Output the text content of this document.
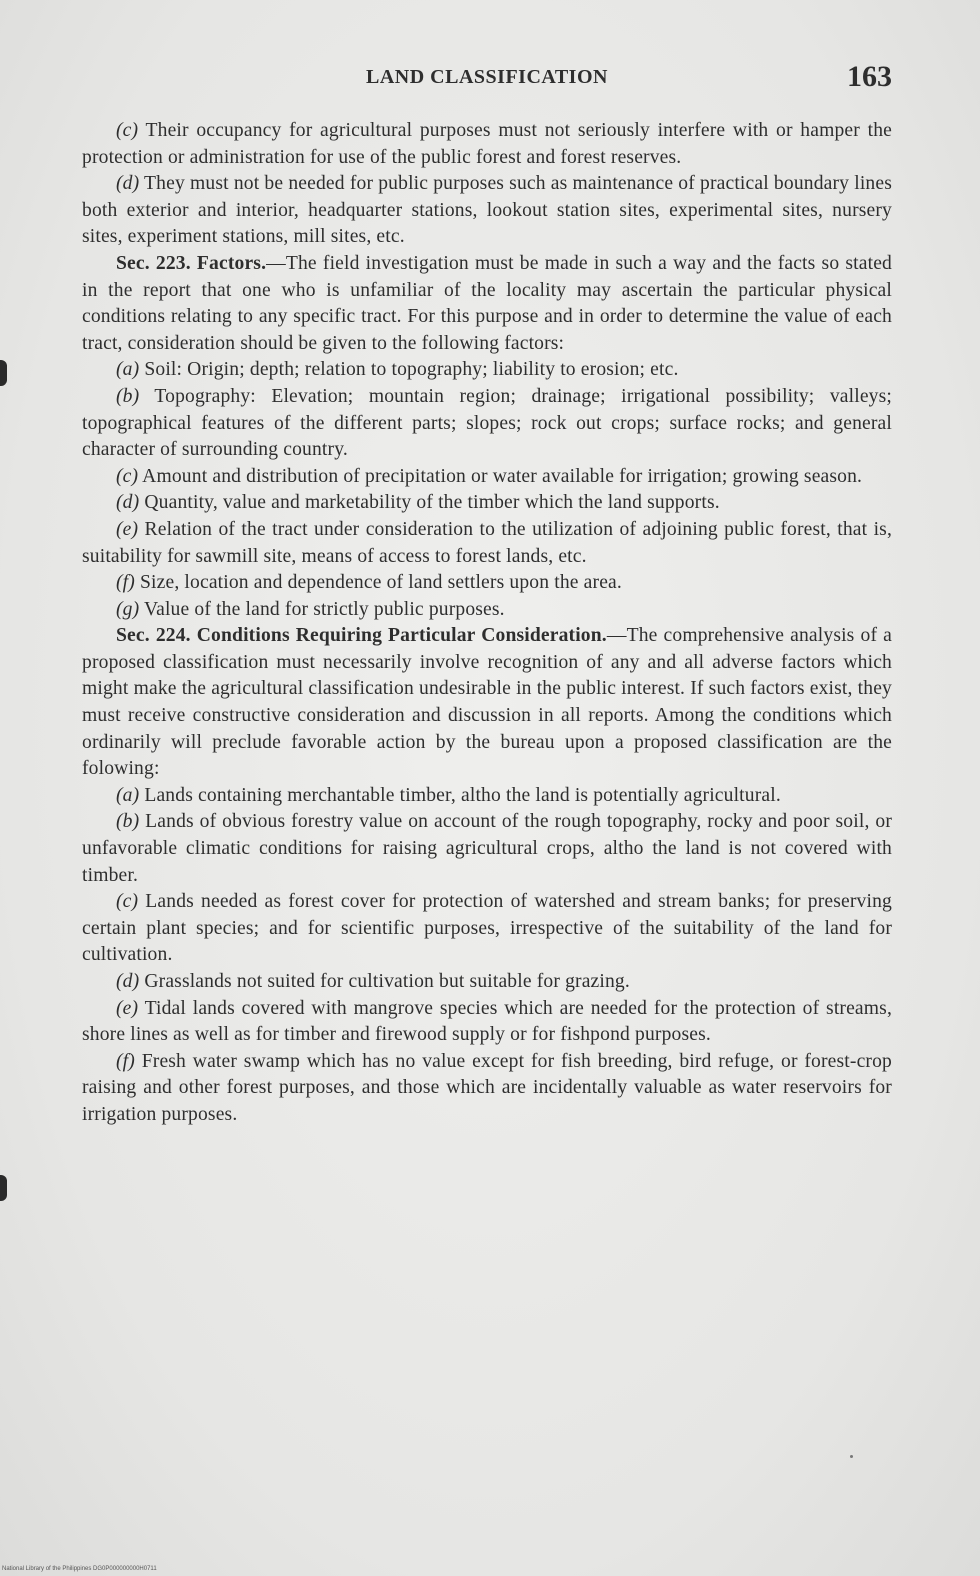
LAND CLASSIFICATION	163

(c) Their occupancy for agricultural purposes must not seriously interfere with or hamper the protection or administration for use of the public forest and forest reserves.

(d) They must not be needed for public purposes such as maintenance of practical boundary lines both exterior and interior, headquarter stations, lookout station sites, experimental sites, nursery sites, experiment stations, mill sites, etc.

Sec. 223. Factors.—The field investigation must be made in such a way and the facts so stated in the report that one who is unfamiliar of the locality may ascertain the particular physical conditions relating to any specific tract. For this purpose and in order to determine the value of each tract, consideration should be given to the following factors:

(a) Soil: Origin; depth; relation to topography; liability to erosion; etc.

(b) Topography: Elevation; mountain region; drainage; irrigational possibility; valleys; topographical features of the different parts; slopes; rock out crops; surface rocks; and general character of surrounding country.

(c) Amount and distribution of precipitation or water available for irrigation; growing season.

(d) Quantity, value and marketability of the timber which the land supports.

(e) Relation of the tract under consideration to the utilization of adjoining public forest, that is, suitability for sawmill site, means of access to forest lands, etc.

(f) Size, location and dependence of land settlers upon the area.

(g) Value of the land for strictly public purposes.

Sec. 224. Conditions Requiring Particular Consideration.—The comprehensive analysis of a proposed classification must necessarily involve recognition of any and all adverse factors which might make the agricultural classification undesirable in the public interest. If such factors exist, they must receive constructive consideration and discussion in all reports. Among the conditions which ordinarily will preclude favorable action by the bureau upon a proposed classification are the folowing:

(a) Lands containing merchantable timber, altho the land is potentially agricultural.

(b) Lands of obvious forestry value on account of the rough topography, rocky and poor soil, or unfavorable climatic conditions for raising agricultural crops, altho the land is not covered with timber.

(c) Lands needed as forest cover for protection of watershed and stream banks; for preserving certain plant species; and for scientific purposes, irrespective of the suitability of the land for cultivation.

(d) Grasslands not suited for cultivation but suitable for grazing.

(e) Tidal lands covered with mangrove species which are needed for the protection of streams, shore lines as well as for timber and firewood supply or for fishpond purposes.

(f) Fresh water swamp which has no value except for fish breeding, bird refuge, or forest-crop raising and other forest purposes, and those which are incidentally valuable as water reservoirs for irrigation purposes.

National Library of the Philippines DG0P000000000H0711
